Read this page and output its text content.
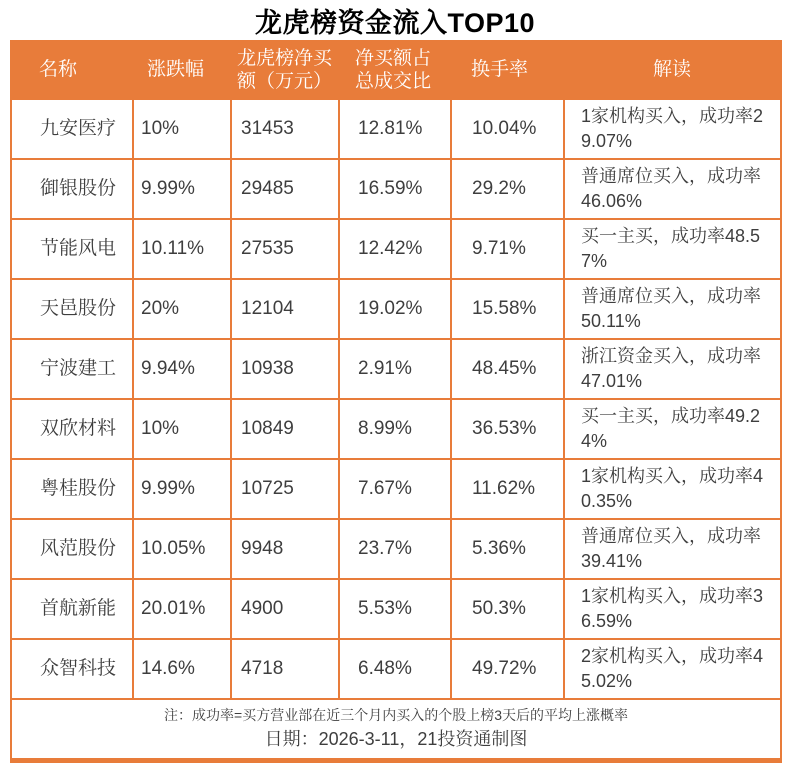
龙虎榜资金流入TOP10
名称	涨跌幅	龙虎榜净买额（万元）	净买额占总成交比	换手率	解读
九安医疗	10%	31453	12.81%	10.04%	1家机构买入，成功率29.07%
御银股份	9.99%	29485	16.59%	29.2%	普通席位买入，成功率46.06%
节能风电	10.11%	27535	12.42%	9.71%	买一主买，成功率48.57%
天邑股份	20%	12104	19.02%	15.58%	普通席位买入，成功率50.11%
宁波建工	9.94%	10938	2.91%	48.45%	浙江资金买入，成功率47.01%
双欣材料	10%	10849	8.99%	36.53%	买一主买，成功率49.24%
粤桂股份	9.99%	10725	7.67%	11.62%	1家机构买入，成功率40.35%
风范股份	10.05%	9948	23.7%	5.36%	普通席位买入，成功率39.41%
首航新能	20.01%	4900	5.53%	50.3%	1家机构买入，成功率36.59%
众智科技	14.6%	4718	6.48%	49.72%	2家机构买入，成功率45.02%

注：成功率=买方营业部在近三个月内买入的个股上榜3天后的平均上涨概率
日期：2026-3-11，21投资通制图					
